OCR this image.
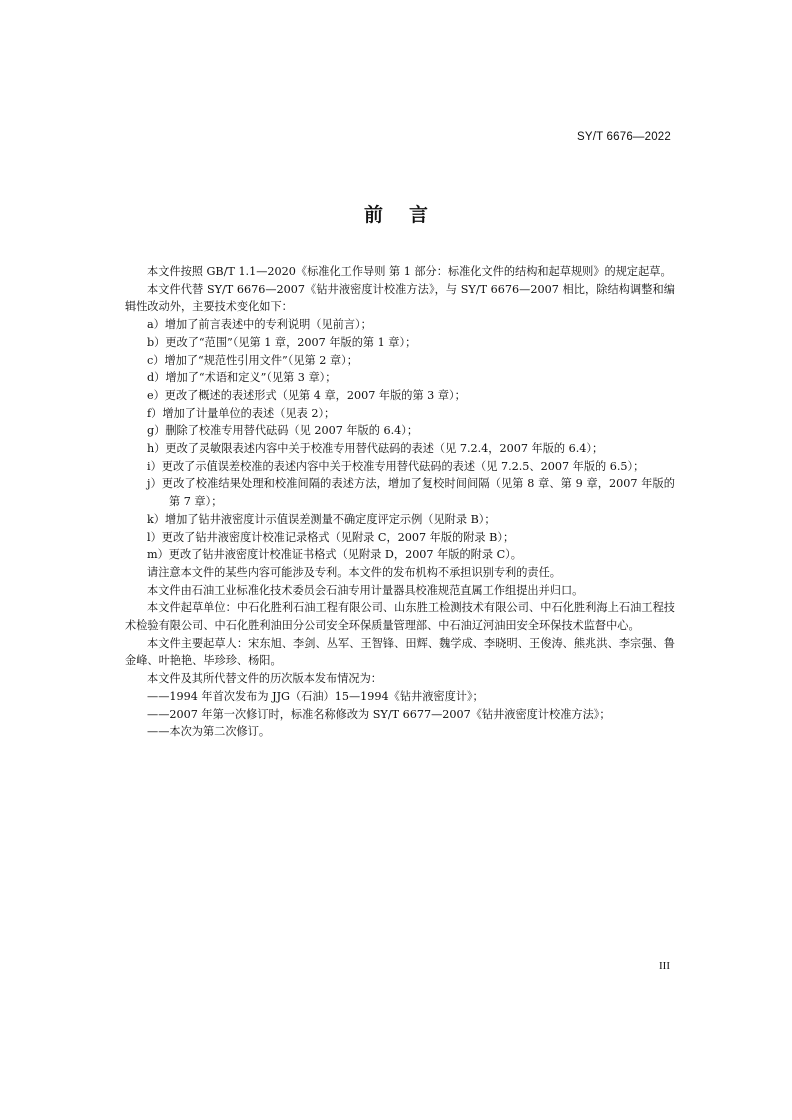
SY/T 6676—2022
前言

本文件按照 GB/T 1.1—2020《标准化工作导则 第 1 部分：标准化文件的结构和起草规则》的规定起草。

本文件代替 SY/T 6676—2007《钻井液密度计校准方法》，与 SY/T 6676—2007 相比，除结构调整和编辑性改动外，主要技术变化如下：

a）增加了前言表述中的专利说明（见前言）；

b）更改了“范围”（见第 1 章，2007 年版的第 1 章）；

c）增加了“规范性引用文件”（见第 2 章）；

d）增加了“术语和定义”（见第 3 章）；

e）更改了概述的表述形式（见第 4 章，2007 年版的第 3 章）；

f）增加了计量单位的表述（见表 2）；

g）删除了校准专用替代砝码（见 2007 年版的 6.4）；

h）更改了灵敏限表述内容中关于校准专用替代砝码的表述（见 7.2.4，2007 年版的 6.4）；

i）更改了示值误差校准的表述内容中关于校准专用替代砝码的表述（见 7.2.5、2007 年版的 6.5）；

j）更改了校准结果处理和校准间隔的表述方法，增加了复校时间间隔（见第 8 章、第 9 章，2007 年版的第 7 章）；

k）增加了钻井液密度计示值误差测量不确定度评定示例（见附录 B）；

l）更改了钻井液密度计校准记录格式（见附录 C，2007 年版的附录 B）；

m）更改了钻井液密度计校准证书格式（见附录 D，2007 年版的附录 C）。

请注意本文件的某些内容可能涉及专利。本文件的发布机构不承担识别专利的责任。

本文件由石油工业标准化技术委员会石油专用计量器具校准规范直属工作组提出并归口。

本文件起草单位：中石化胜利石油工程有限公司、山东胜工检测技术有限公司、中石化胜利海上石油工程技术检验有限公司、中石化胜利油田分公司安全环保质量管理部、中石油辽河油田安全环保技术监督中心。

本文件主要起草人：宋东旭、李剑、丛军、王智锋、田辉、魏学成、李晓明、王俊涛、熊兆洪、李宗强、鲁金峰、叶艳艳、毕珍珍、杨阳。

本文件及其所代替文件的历次版本发布情况为：

——1994 年首次发布为 JJG（石油）15—1994《钻井液密度计》；

——2007 年第一次修订时，标准名称修改为 SY/T 6677—2007《钻井液密度计校准方法》；

——本次为第二次修订。

III
